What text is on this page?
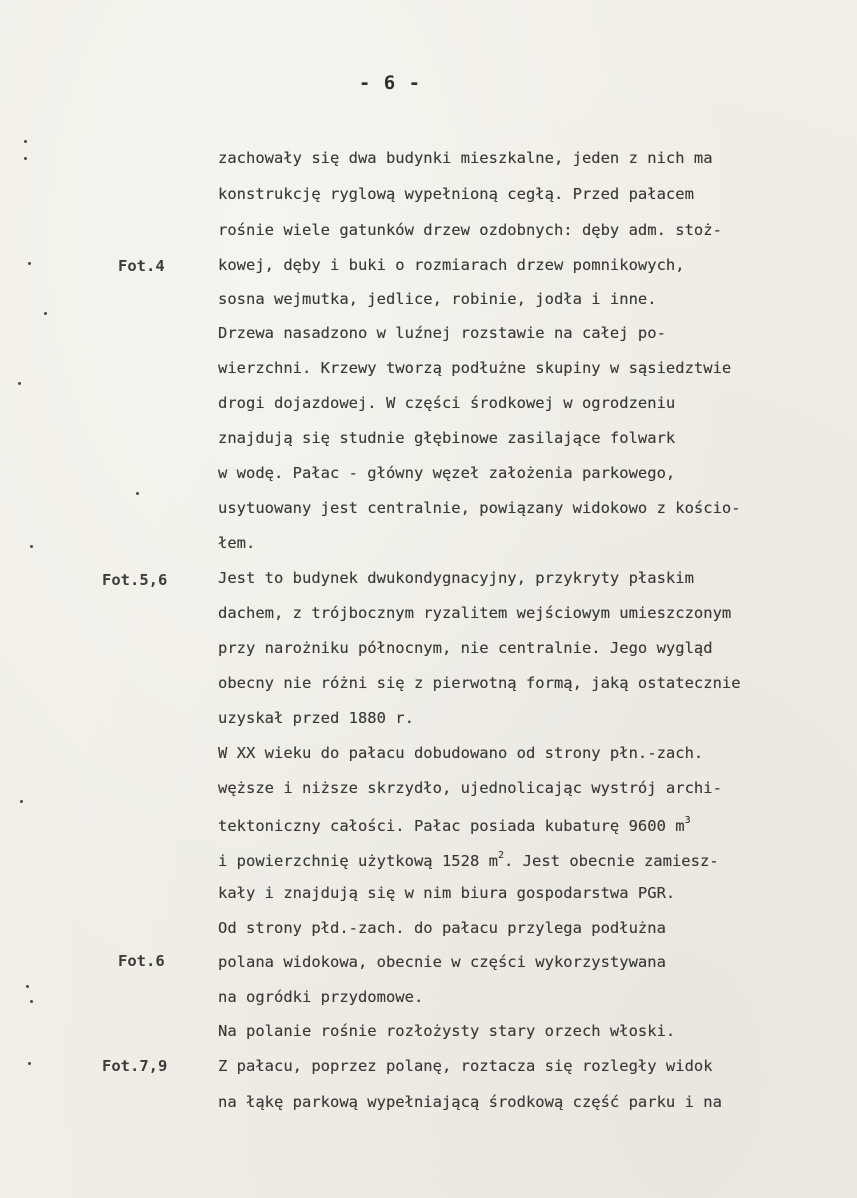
- 6 -
Fot.4
Fot.5,6
Fot.6
Fot.7,9
zachowały się dwa budynki mieszkalne, jeden z nich ma
konstrukcję ryglową wypełnioną cegłą. Przed pałacem
rośnie wiele gatunków drzew ozdobnych: dęby adm. stoż-
kowej, dęby i buki o rozmiarach drzew pomnikowych,
sosna wejmutka, jedlice, robinie, jodła i inne.
Drzewa nasadzono w luźnej rozstawie na całej po-
wierzchni. Krzewy tworzą podłużne skupiny w sąsiedztwie
drogi dojazdowej. W części środkowej w ogrodzeniu
znajdują się studnie głębinowe zasilające folwark
w wodę. Pałac - główny węzeł założenia parkowego,
usytuowany jest centralnie, powiązany widokowo z kościo-
łem.
Jest to budynek dwukondygnacyjny, przykryty płaskim
dachem, z trójbocznym ryzalitem wejściowym umieszczonym
przy narożniku północnym, nie centralnie. Jego wygląd
obecny nie różni się z pierwotną formą, jaką ostatecznie
uzyskał przed 1880 r.
W XX wieku do pałacu dobudowano od strony płn.-zach.
węższe i niższe skrzydło, ujednolicając wystrój archi-
tektoniczny całości. Pałac posiada kubaturę 9600 $m^3$
i powierzchnię użytkową 1528 $m^2$. Jest obecnie zamiesz-
kały i znajdują się w nim biura gospodarstwa PGR.
Od strony płd.-zach. do pałacu przylega podłużna
polana widokowa, obecnie w części wykorzystywana
na ogródki przydomowe.
Na polanie rośnie rozłożysty stary orzech włoski.
Z pałacu, poprzez polanę, roztacza się rozległy widok
na łąkę parkową wypełniającą środkową część parku i na
